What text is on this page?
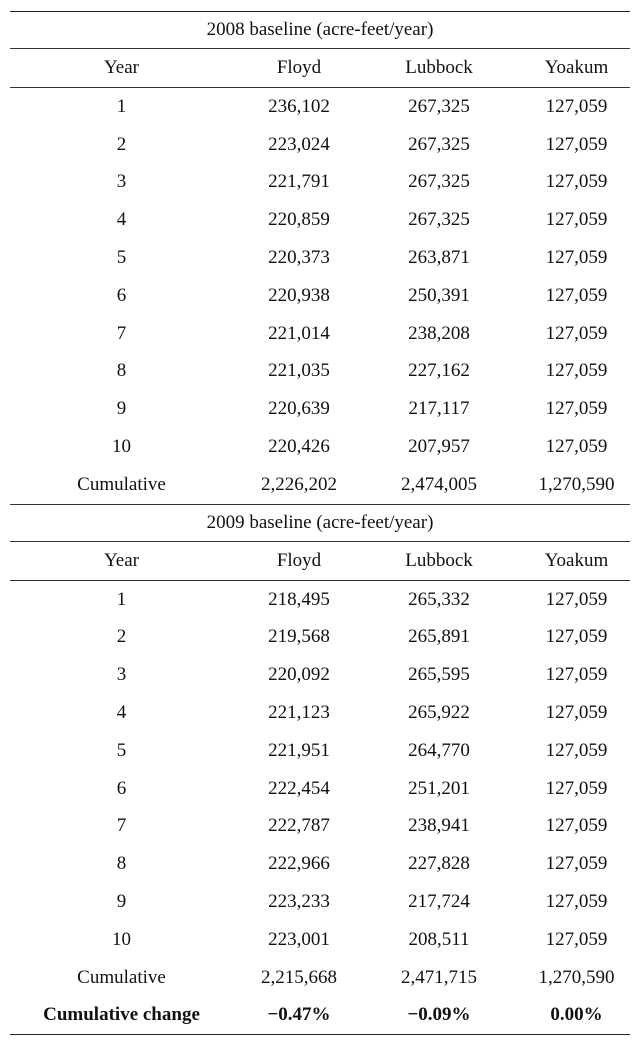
2008 baseline (acre-feet/year)
Year	Floyd	Lubbock	Yoakum
1	236,102	267,325	127,059
2	223,024	267,325	127,059
3	221,791	267,325	127,059
4	220,859	267,325	127,059
5	220,373	263,871	127,059
6	220,938	250,391	127,059
7	221,014	238,208	127,059
8	221,035	227,162	127,059
9	220,639	217,117	127,059
10	220,426	207,957	127,059
Cumulative	2,226,202	2,474,005	1,270,590
2009 baseline (acre-feet/year)
Year	Floyd	Lubbock	Yoakum
1	218,495	265,332	127,059
2	219,568	265,891	127,059
3	220,092	265,595	127,059
4	221,123	265,922	127,059
5	221,951	264,770	127,059
6	222,454	251,201	127,059
7	222,787	238,941	127,059
8	222,966	227,828	127,059
9	223,233	217,724	127,059
10	223,001	208,511	127,059
Cumulative	2,215,668	2,471,715	1,270,590
Cumulative change	−0.47%	−0.09%	0.00%
